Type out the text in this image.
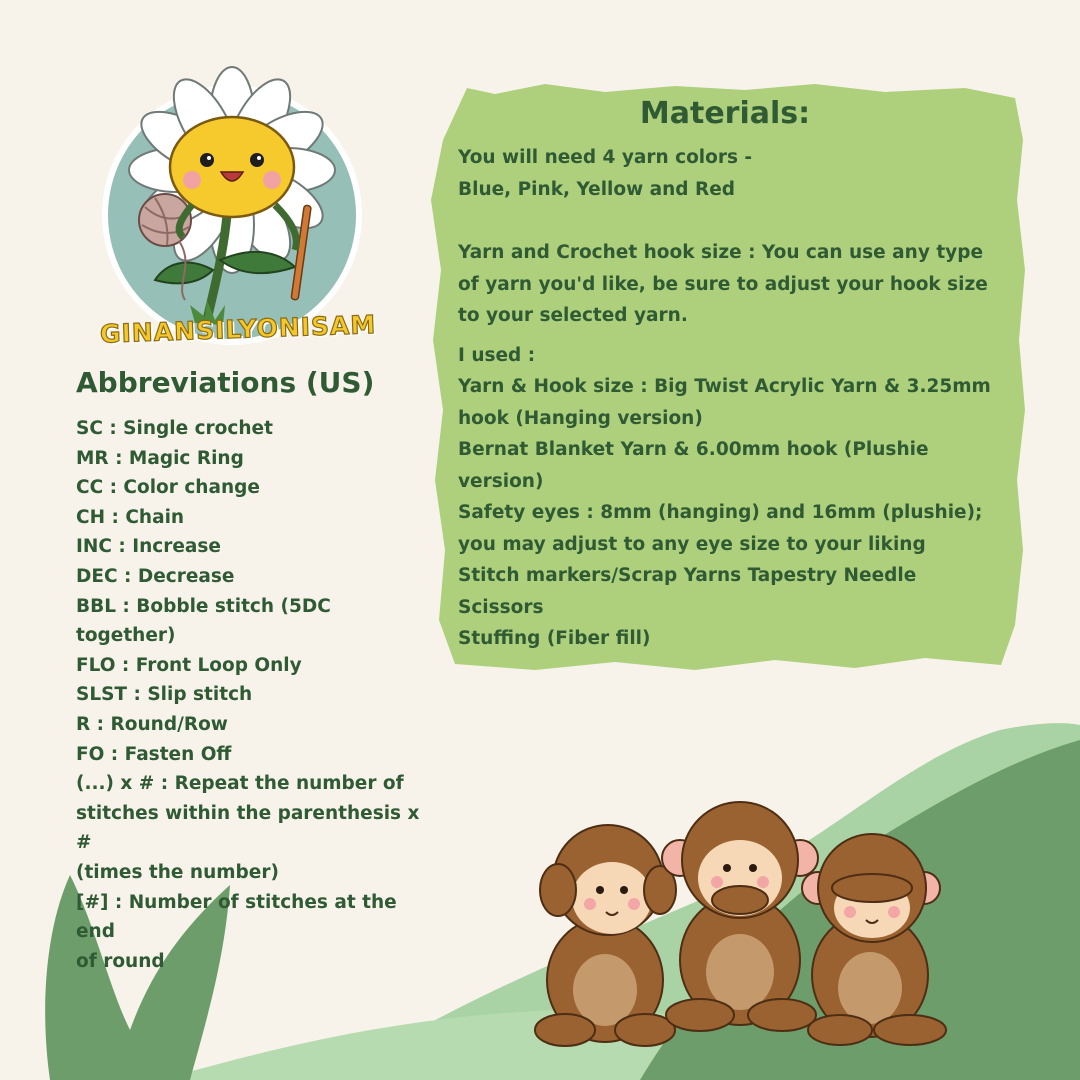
GINANSILYONISAM
Abbreviations (US)
SC : Single crochet
MR : Magic Ring
CC : Color change
CH : Chain
INC : Increase
DEC : Decrease
BBL : Bobble stitch (5DC together)
FLO : Front Loop Only
SLST : Slip stitch
R : Round/Row
FO : Fasten Off
(...) x # : Repeat the number of
stitches within the parenthesis x #
(times the number)
[#] : Number of stitches at the end
of round
Materials:

You will need 4 yarn colors -

Blue, Pink, Yellow and Red

Yarn and Crochet hook size : You can use any type

of yarn you'd like, be sure to adjust your hook size

to your selected yarn.

I used :

Yarn & Hook size : Big Twist Acrylic Yarn & 3.25mm

hook (Hanging version)

Bernat Blanket Yarn & 6.00mm hook (Plushie

version)

Safety eyes : 8mm (hanging) and 16mm (plushie);

you may adjust to any eye size to your liking

Stitch markers/Scrap Yarns Tapestry Needle

Scissors

Stuffing (Fiber fill)
